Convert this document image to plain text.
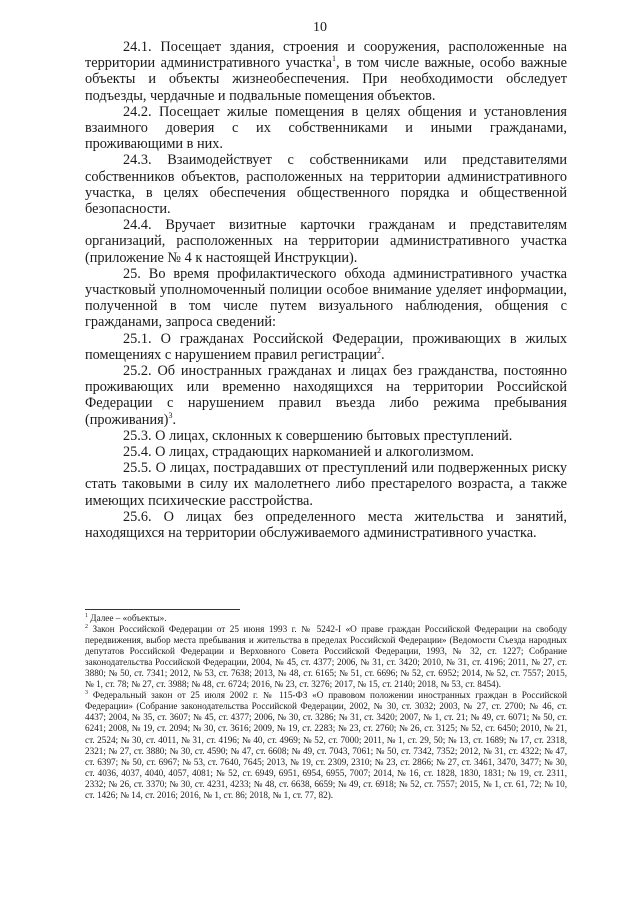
10

24.1. Посещает здания, строения и сооружения, расположенные на территории административного участка$^1$, в том числе важные, особо важные объекты и объекты жизнеобеспечения. При необходимости обследует подъезды, чердачные и подвальные помещения объектов.

24.2. Посещает жилые помещения в целях общения и установления взаимного доверия с их собственниками и иными гражданами, проживающими в них.

24.3. Взаимодействует с собственниками или представителями собственников объектов, расположенных на территории административного участка, в целях обеспечения общественного порядка и общественной безопасности.

24.4. Вручает визитные карточки гражданам и представителям организаций, расположенных на территории административного участка (приложение № 4 к настоящей Инструкции).

25. Во время профилактического обхода административного участка участковый уполномоченный полиции особое внимание уделяет информации, полученной в том числе путем визуального наблюдения, общения с гражданами, запроса сведений:

25.1. О гражданах Российской Федерации, проживающих в жилых помещениях с нарушением правил регистрации$^2$.

25.2. Об иностранных гражданах и лицах без гражданства, постоянно проживающих или временно находящихся на территории Российской Федерации с нарушением правил въезда либо режима пребывания (проживания)$^3$.

25.3. О лицах, склонных к совершению бытовых преступлений.

25.4. О лицах, страдающих наркоманией и алкоголизмом.

25.5. О лицах, пострадавших от преступлений или подверженных риску стать таковыми в силу их малолетнего либо престарелого возраста, а также имеющих психические расстройства.

25.6. О лицах без определенного места жительства и занятий, находящихся на территории обслуживаемого административного участка.

$^1$ Далее – «объекты».

$^2$ Закон Российской Федерации от 25 июня 1993 г. № 5242-I «О праве граждан Российской Федерации на свободу передвижения, выбор места пребывания и жительства в пределах Российской Федерации» (Ведомости Съезда народных депутатов Российской Федерации и Верховного Совета Российской Федерации, 1993, № 32, ст. 1227; Собрание законодательства Российской Федерации, 2004, № 45, ст. 4377; 2006, № 31, ст. 3420; 2010, № 31, ст. 4196; 2011, № 27, ст. 3880; № 50, ст. 7341; 2012, № 53, ст. 7638; 2013, № 48, ст. 6165; № 51, ст. 6696; № 52, ст. 6952; 2014, № 52, ст. 7557; 2015, № 1, ст. 78; № 27, ст. 3988; № 48, ст. 6724; 2016, № 23, ст. 3276; 2017, № 15, ст. 2140; 2018, № 53, ст. 8454).

$^3$ Федеральный закон от 25 июля 2002 г. № 115-ФЗ «О правовом положении иностранных граждан в Российской Федерации» (Собрание законодательства Российской Федерации, 2002, № 30, ст. 3032; 2003, № 27, ст. 2700; № 46, ст. 4437; 2004, № 35, ст. 3607; № 45, ст. 4377; 2006, № 30, ст. 3286; № 31, ст. 3420; 2007, № 1, ст. 21; № 49, ст. 6071; № 50, ст. 6241; 2008, № 19, ст. 2094; № 30, ст. 3616; 2009, № 19, ст. 2283; № 23, ст. 2760; № 26, ст. 3125; № 52, ст. 6450; 2010, № 21, ст. 2524; № 30, ст. 4011, № 31, ст. 4196; № 40, ст. 4969; № 52, ст. 7000; 2011, № 1, ст. 29, 50; № 13, ст. 1689; № 17, ст. 2318, 2321; № 27, ст. 3880; № 30, ст. 4590; № 47, ст. 6608; № 49, ст. 7043, 7061; № 50, ст. 7342, 7352; 2012, № 31, ст. 4322; № 47, ст. 6397; № 50, ст. 6967; № 53, ст. 7640, 7645; 2013, № 19, ст. 2309, 2310; № 23, ст. 2866; № 27, ст. 3461, 3470, 3477; № 30, ст. 4036, 4037, 4040, 4057, 4081; № 52, ст. 6949, 6951, 6954, 6955, 7007; 2014, № 16, ст. 1828, 1830, 1831; № 19, ст. 2311, 2332; № 26, ст. 3370; № 30, ст. 4231, 4233; № 48, ст. 6638, 6659; № 49, ст. 6918; № 52, ст. 7557; 2015, № 1, ст. 61, 72; № 10, ст. 1426; № 14, ст. 2016; 2016, № 1, ст. 86; 2018, № 1, ст. 77, 82).
